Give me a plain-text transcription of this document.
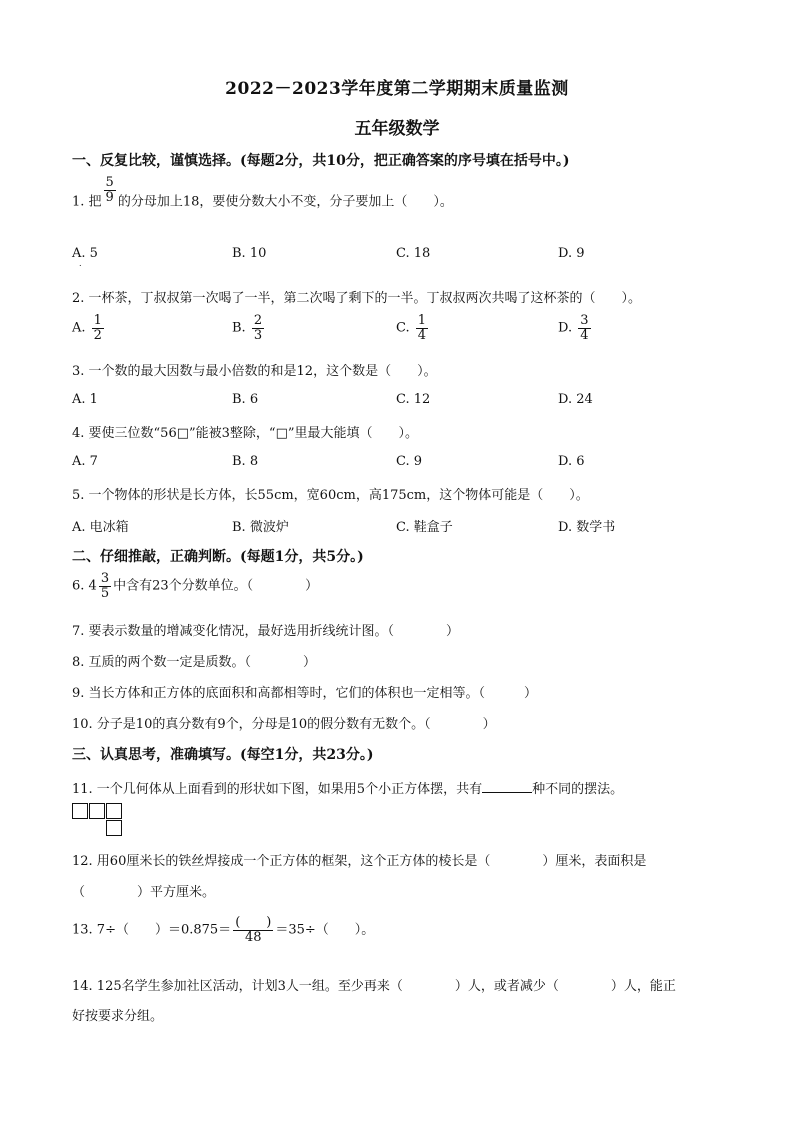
2022－2023学年度第二学期期末质量监测
五年级数学
一、反复比较，谨慎选择。(每题2分，共10分，把正确答案的序号填在括号中。)
1. 把 $\frac{5}{9}$ 的分母加上18，要使分数大小不变，分子要加上（　　）。
A. 5	B. 10	C. 18	D. 9
.
2. 一杯茶，丁叔叔第一次喝了一半，第二次喝了剩下的一半。丁叔叔两次共喝了这杯茶的（　　）。
A. $\frac{1}{2}$	B. $\frac{2}{3}$	C. $\frac{1}{4}$	D. $\frac{3}{4}$
3. 一个数的最大因数与最小倍数的和是12，这个数是（　　）。
A. 1	B. 6	C. 12	D. 24
4. 要使三位数“56□”能被3整除，“□”里最大能填（　　）。
A. 7	B. 8	C. 9	D. 6
5. 一个物体的形状是长方体，长55cm，宽60cm，高175cm，这个物体可能是（　　）。
A. 电冰箱	B. 微波炉	C. 鞋盒子	D. 数学书
二、仔细推敲，正确判断。(每题1分，共5分。)
6. $4 \frac{3}{5}$ 中含有23个分数单位。（　　　　）
7. 要表示数量的增减变化情况，最好选用折线统计图。（　　　　）
8. 互质的两个数一定是质数。（　　　　）
9. 当长方体和正方体的底面积和高都相等时，它们的体积也一定相等。（　　　）
10. 分子是10的真分数有9个，分母是10的假分数有无数个。（　　　　）
三、认真思考，准确填写。(每空1分，共23分。)
11. 一个几何体从上面看到的形状如下图，如果用5个小正方体摆，共有	种不同的摆法。
12. 用60厘米长的铁丝焊接成一个正方体的框架，这个正方体的棱长是（　　　　）厘米，表面积是
（　　　　）平方厘米。
13. 7÷（　　）$=0.875= \frac{( )}{48} =35\div$（　　）。
14. 125名学生参加社区活动，计划3人一组。至少再来（　　　　）人，或者减少（　　　　）人，能正
好按要求分组。
